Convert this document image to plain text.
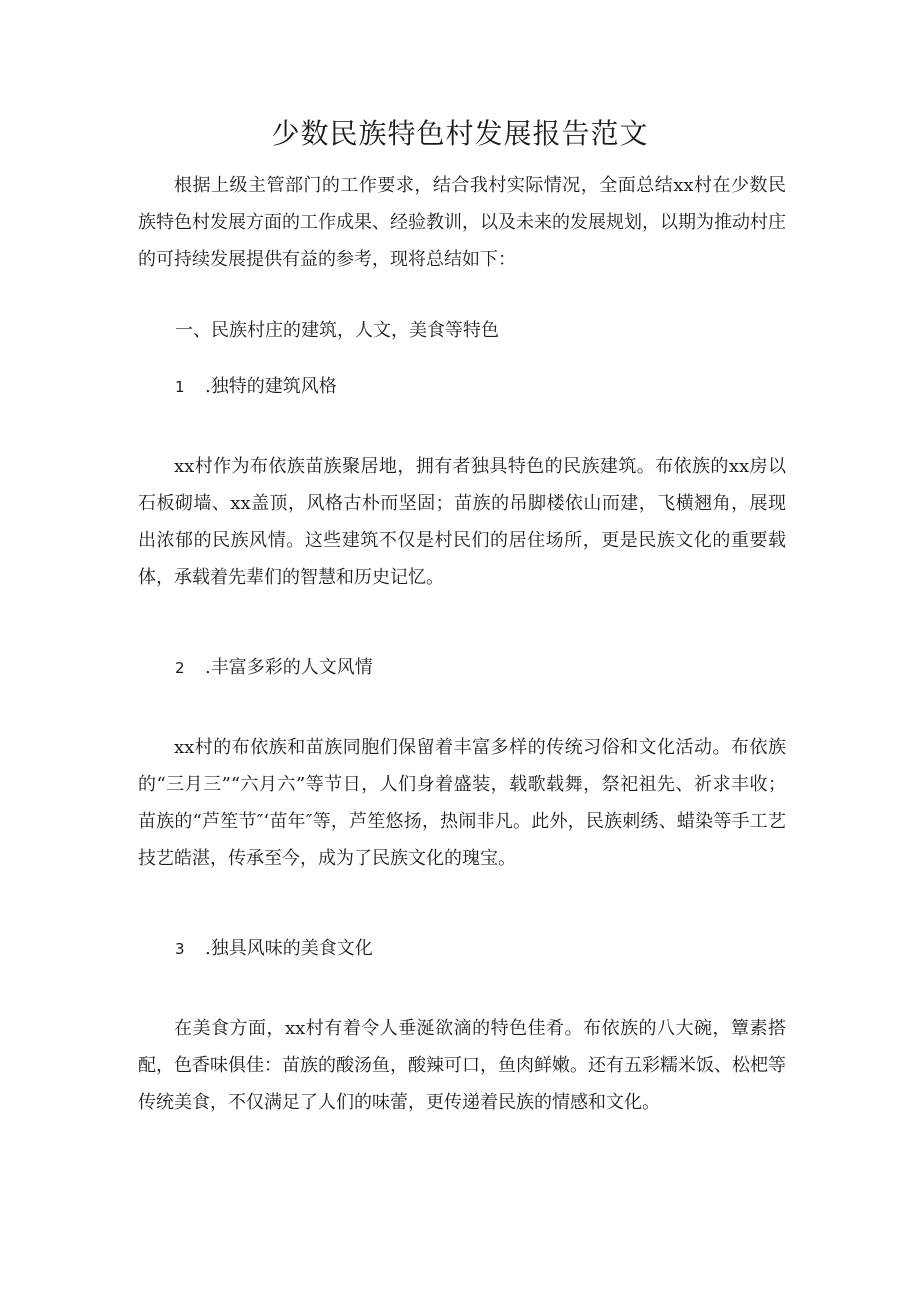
少数民族特色村发展报告范文

根据上级主管部门的工作要求，结合我村实际情况，全面总结xx村在少数民族特色村发展方面的工作成果、经验教训，以及未来的发展规划，以期为推动村庄的可持续发展提供有益的参考，现将总结如下：

一、民族村庄的建筑，人文，美食等特色

1 .独特的建筑风格

xx村作为布依族苗族聚居地，拥有者独具特色的民族建筑。布依族的xx房以石板砌墙、xx盖顶，风格古朴而坚固；苗族的吊脚楼依山而建，飞横翘角，展现出浓郁的民族风情。这些建筑不仅是村民们的居住场所，更是民族文化的重要载体，承载着先辈们的智慧和历史记忆。

2 .丰富多彩的人文风情

xx村的布依族和苗族同胞们保留着丰富多样的传统习俗和文化活动。布依族的“三月三”“六月六”等节日，人们身着盛装，载歌载舞，祭祀祖先、祈求丰收；苗族的“芦笙节″‘苗年″等，芦笙悠扬，热闹非凡。此外，民族刺绣、蜡染等手工艺技艺皓湛，传承至今，成为了民族文化的瑰宝。

3 .独具风味的美食文化

在美食方面，xx村有着令人垂涎欲滴的特色佳肴。布依族的八大碗，簟素搭配，色香味俱佳：苗族的酸汤鱼，酸辣可口，鱼肉鲜嫩。还有五彩糯米饭、松杷等传统美食，不仅满足了人们的味蕾，更传递着民族的情感和文化。
